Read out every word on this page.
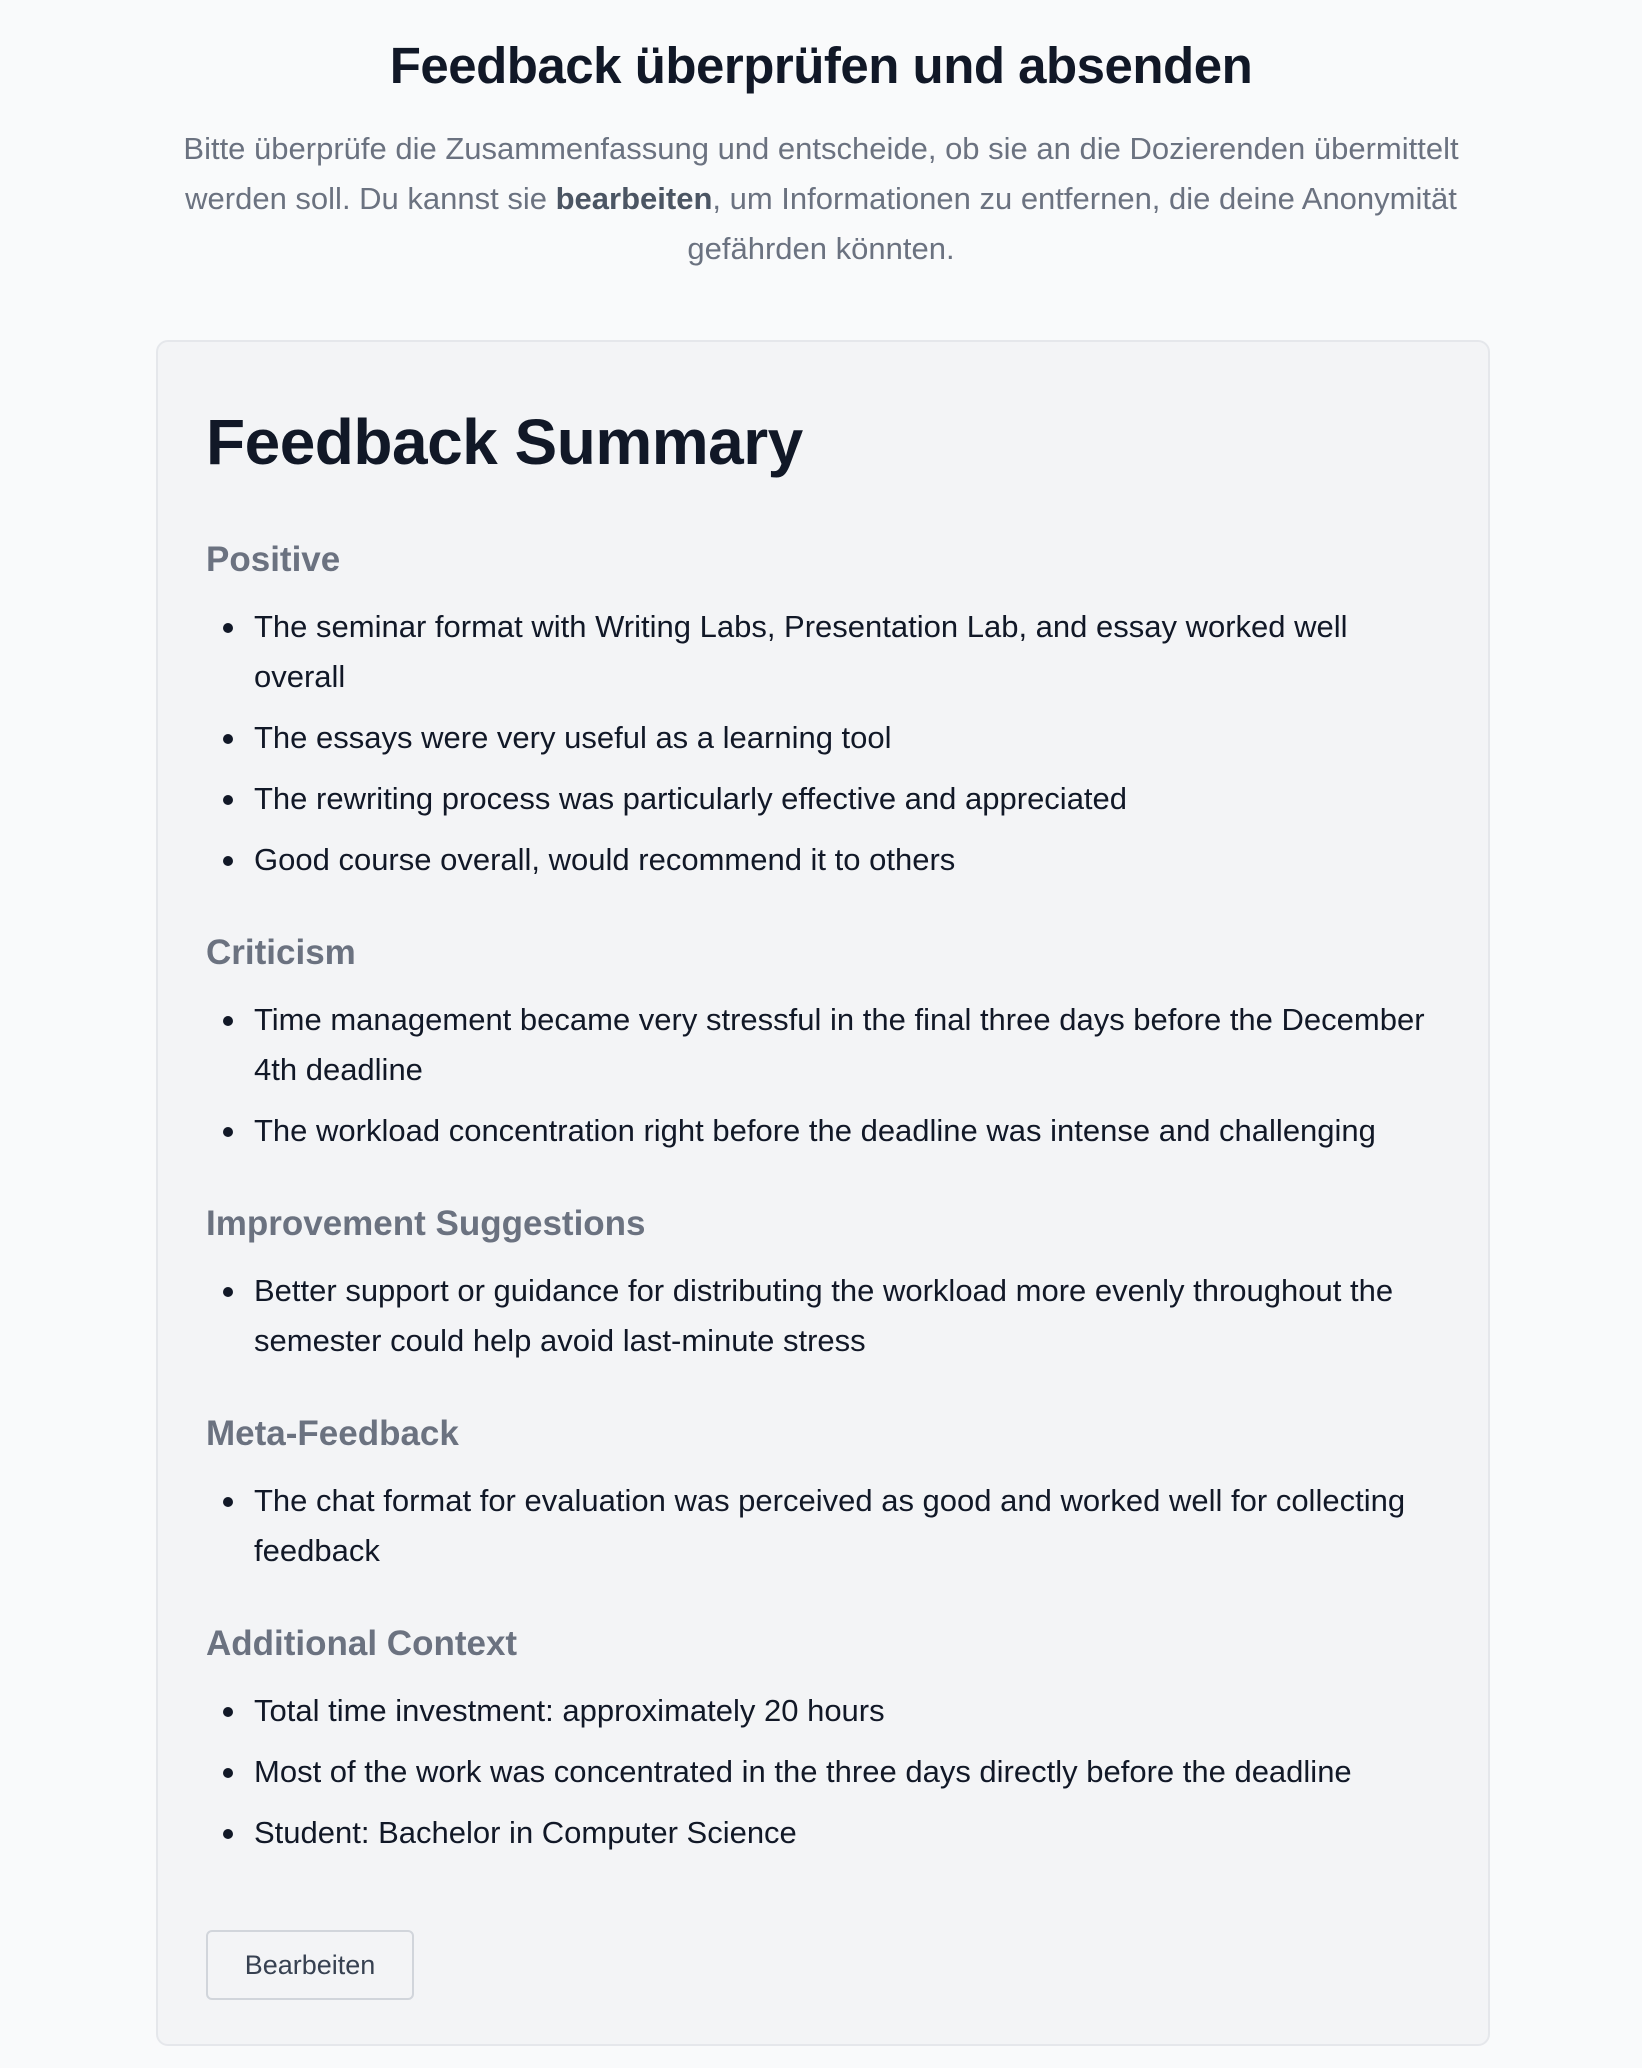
Feedback überprüfen und absenden

Bitte überprüfe die Zusammenfassung und entscheide, ob sie an die Dozierenden übermittelt werden soll. Du kannst sie bearbeiten, um Informationen zu entfernen, die deine Anonymität gefährden könnten.

Feedback Summary
Positive
The seminar format with Writing Labs, Presentation Lab, and essay worked well overall
The essays were very useful as a learning tool
The rewriting process was particularly effective and appreciated
Good course overall, would recommend it to others
Criticism
Time management became very stressful in the final three days before the December 4th deadline
The workload concentration right before the deadline was intense and challenging
Improvement Suggestions
Better support or guidance for distributing the workload more evenly throughout the semester could help avoid last-minute stress
Meta-Feedback
The chat format for evaluation was perceived as good and worked well for collecting feedback
Additional Context
Total time investment: approximately 20 hours
Most of the work was concentrated in the three days directly before the deadline
Student: Bachelor in Computer Science
Bearbeiten
